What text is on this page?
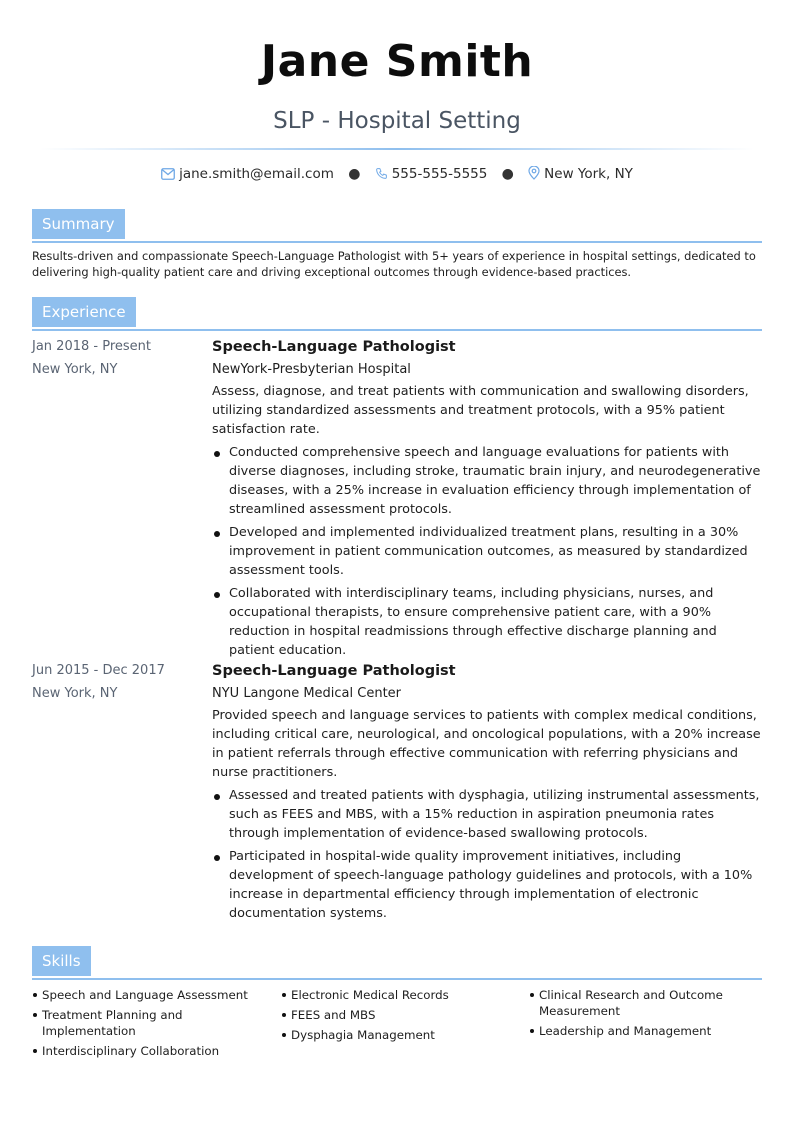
Jane Smith
SLP - Hospital Setting
jane.smith@email.com ● 555-555-5555 ● New York, NY
Summary
Results-driven and compassionate Speech-Language Pathologist with 5+ years of experience in hospital settings, dedicated to delivering high-quality patient care and driving exceptional outcomes through evidence-based practices.
Experience
Jan 2018 - Present
New York, NY
Speech-Language Pathologist
NewYork-Presbyterian Hospital
Assess, diagnose, and treat patients with communication and swallowing disorders, utilizing standardized assessments and treatment protocols, with a 95% patient satisfaction rate.
Conducted comprehensive speech and language evaluations for patients with diverse diagnoses, including stroke, traumatic brain injury, and neurodegenerative diseases, with a 25% increase in evaluation efficiency through implementation of streamlined assessment protocols.
Developed and implemented individualized treatment plans, resulting in a 30% improvement in patient communication outcomes, as measured by standardized assessment tools.
Collaborated with interdisciplinary teams, including physicians, nurses, and occupational therapists, to ensure comprehensive patient care, with a 90% reduction in hospital readmissions through effective discharge planning and patient education.
Jun 2015 - Dec 2017
New York, NY
Speech-Language Pathologist
NYU Langone Medical Center
Provided speech and language services to patients with complex medical conditions, including critical care, neurological, and oncological populations, with a 20% increase in patient referrals through effective communication with referring physicians and nurse practitioners.
Assessed and treated patients with dysphagia, utilizing instrumental assessments, such as FEES and MBS, with a 15% reduction in aspiration pneumonia rates through implementation of evidence-based swallowing protocols.
Participated in hospital-wide quality improvement initiatives, including development of speech-language pathology guidelines and protocols, with a 10% increase in departmental efficiency through implementation of electronic documentation systems.
Skills
Speech and Language Assessment
Treatment Planning and Implementation
Interdisciplinary Collaboration
Electronic Medical Records
FEES and MBS
Dysphagia Management
Clinical Research and Outcome Measurement
Leadership and Management
